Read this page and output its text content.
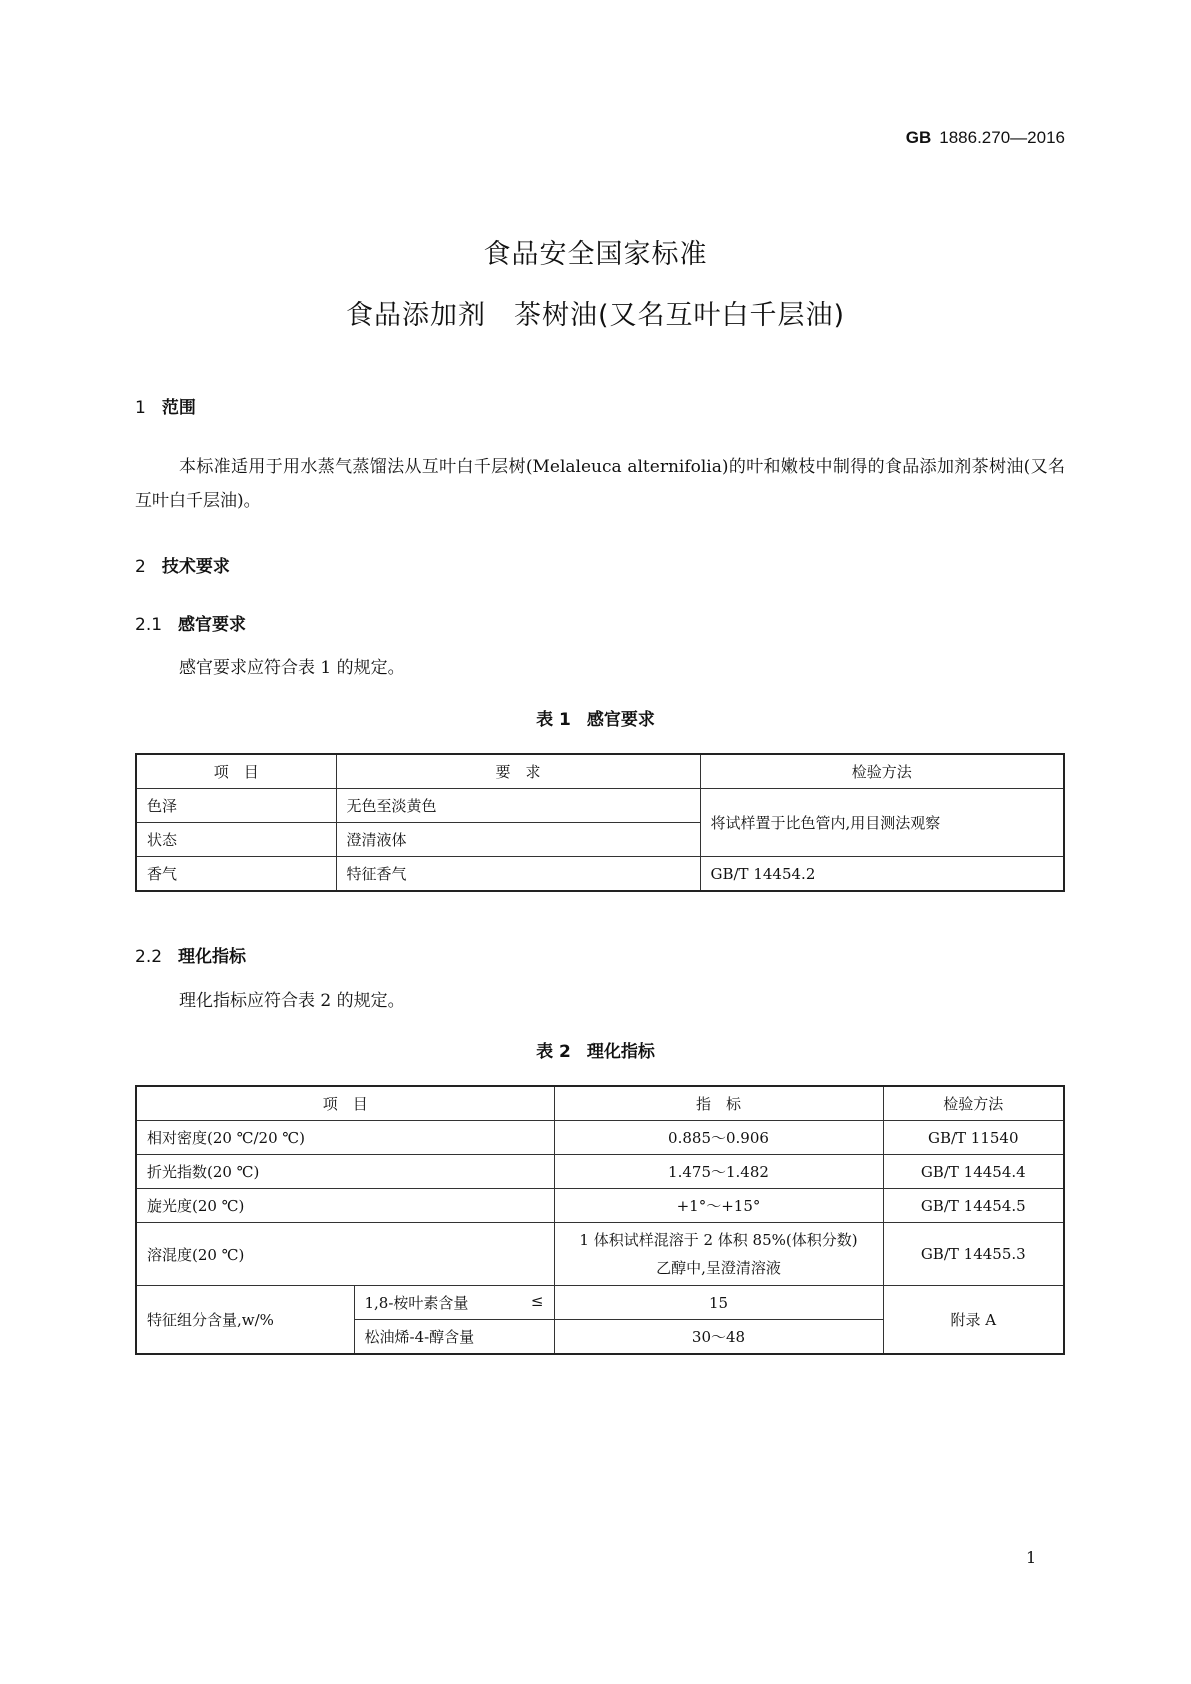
GB 1886.270—2016
食品安全国家标准
食品添加剂　茶树油(又名互叶白千层油)
1 范围
本标准适用于用水蒸气蒸馏法从互叶白千层树(Melaleuca alternifolia)的叶和嫩枝中制得的食品添加剂茶树油(又名互叶白千层油)。
2 技术要求
2.1 感官要求
感官要求应符合表 1 的规定。
表 1 感官要求
项　目	要　求	检验方法
色泽	无色至淡黄色	将试样置于比色管内,用目测法观察
状态	澄清液体	
香气	特征香气	GB/T 14454.2
2.2 理化指标
理化指标应符合表 2 的规定。
表 2 理化指标
项　目		指　标	检验方法
相对密度(20 ℃/20 ℃)		0.885～0.906	GB/T 11540
折光指数(20 ℃)		1.475～1.482	GB/T 14454.4
旋光度(20 ℃)		+1°～+15°	GB/T 14454.5
溶混度(20 ℃)		1 体积试样混溶于 2 体积 85%(体积分数)乙醇中,呈澄清溶液	GB/T 14455.3
特征组分含量,w/%	1,8-桉叶素含量 ≤	15	附录 A
	松油烯-4-醇含量	30～48	
1
